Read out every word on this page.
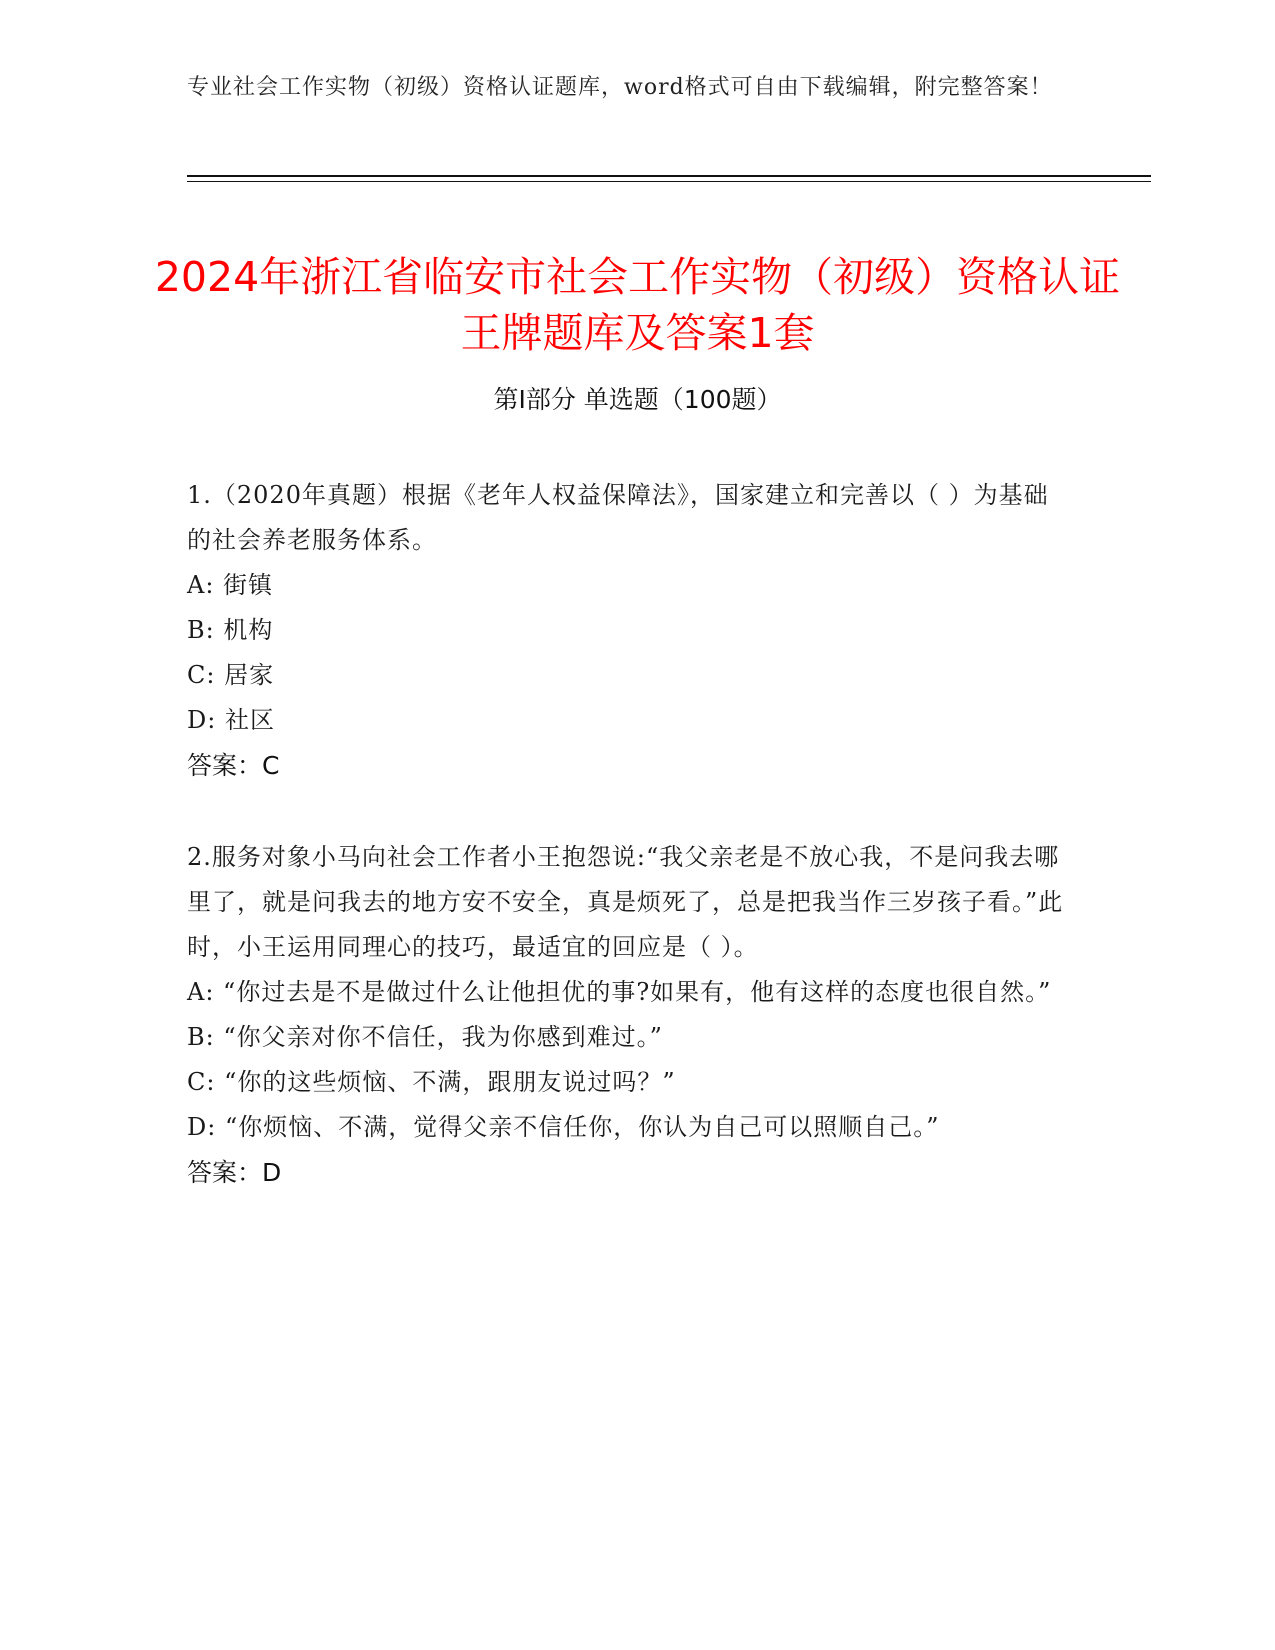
专业社会工作实物（初级）资格认证题库，word格式可自由下载编辑，附完整答案！
2024年浙江省临安市社会工作实物（初级）资格认证王牌题库及答案1套
第I部分 单选题（100题）

1.（2020年真题）根据《老年人权益保障法》，国家建立和完善以（ ）为基础的社会养老服务体系。

A: 街镇

B: 机构

C: 居家

D: 社区

答案：C

2.服务对象小马向社会工作者小王抱怨说:“我父亲老是不放心我，不是问我去哪里了，就是问我去的地方安不安全，真是烦死了，总是把我当作三岁孩子看。”此时，小王运用同理心的技巧，最适宜的回应是（ ）。

A: “你过去是不是做过什么让他担优的事?如果有，他有这样的态度也很自然。”

B: “你父亲对你不信任，我为你感到难过。”

C: “你的这些烦恼、不满，跟朋友说过吗？”

D: “你烦恼、不满，觉得父亲不信任你，你认为自己可以照顺自己。”

答案：D
